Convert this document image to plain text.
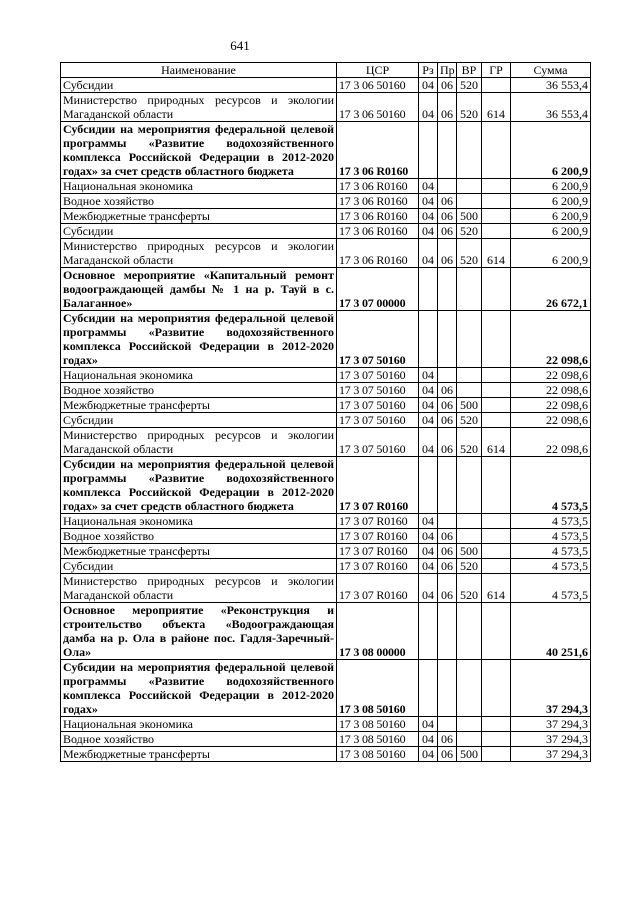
641
Наименование	ЦСР	Рз	Пр	ВР	ГР	Сумма
Субсидии	17 3 06 50160	04	06	520		36 553,4
Министерство природных ресурсов и экологии Магаданской области	17 3 06 50160	04	06	520	614	36 553,4
Субсидии на мероприятия федеральной целевой программы «Развитие водохозяйственного комплекса Российской Федерации в 2012-2020 годах» за счет средств областного бюджета	17 3 06 R0160					6 200,9
Национальная экономика	17 3 06 R0160	04				6 200,9
Водное хозяйство	17 3 06 R0160	04	06			6 200,9
Межбюджетные трансферты	17 3 06 R0160	04	06	500		6 200,9
Субсидии	17 3 06 R0160	04	06	520		6 200,9
Министерство природных ресурсов и экологии Магаданской области	17 3 06 R0160	04	06	520	614	6 200,9
Основное мероприятие «Капитальный ремонт водоограждающей дамбы № 1 на р. Тауй в с. Балаганное»	17 3 07 00000					26 672,1
Субсидии на мероприятия федеральной целевой программы «Развитие водохозяйственного комплекса Российской Федерации в 2012-2020 годах»	17 3 07 50160					22 098,6
Национальная экономика	17 3 07 50160	04				22 098,6
Водное хозяйство	17 3 07 50160	04	06			22 098,6
Межбюджетные трансферты	17 3 07 50160	04	06	500		22 098,6
Субсидии	17 3 07 50160	04	06	520		22 098,6
Министерство природных ресурсов и экологии Магаданской области	17 3 07 50160	04	06	520	614	22 098,6
Субсидии на мероприятия федеральной целевой программы «Развитие водохозяйственного комплекса Российской Федерации в 2012-2020 годах» за счет средств областного бюджета	17 3 07 R0160					4 573,5
Национальная экономика	17 3 07 R0160	04				4 573,5
Водное хозяйство	17 3 07 R0160	04	06			4 573,5
Межбюджетные трансферты	17 3 07 R0160	04	06	500		4 573,5
Субсидии	17 3 07 R0160	04	06	520		4 573,5
Министерство природных ресурсов и экологии Магаданской области	17 3 07 R0160	04	06	520	614	4 573,5
Основное мероприятие «Реконструкция и строительство объекта «Водоограждающая дамба на р. Ола в районе пос. Гадля-Заречный-Ола»	17 3 08 00000					40 251,6
Субсидии на мероприятия федеральной целевой программы «Развитие водохозяйственного комплекса Российской Федерации в 2012-2020 годах»	17 3 08 50160					37 294,3
Национальная экономика	17 3 08 50160	04				37 294,3
Водное хозяйство	17 3 08 50160	04	06			37 294,3
Межбюджетные трансферты	17 3 08 50160	04	06	500		37 294,3
